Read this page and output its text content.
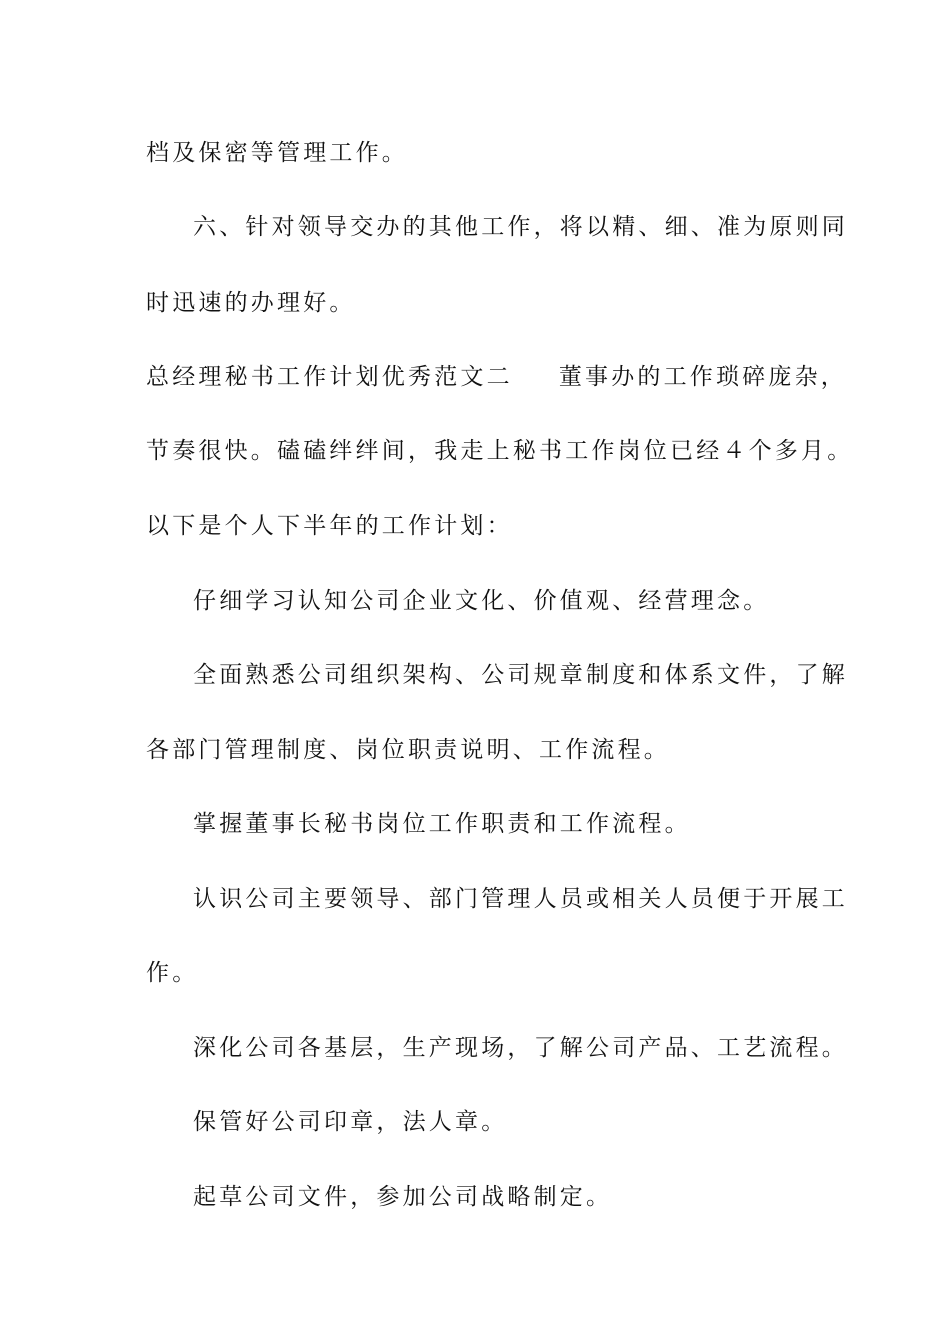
档及保密等管理工作。
六、针对领导交办的其他工作，将以精、细、准为原则同
时迅速的办理好。
总经理秘书工作计划优秀范文二 董事办的工作琐碎庞杂，
节奏很快。磕磕绊绊间，我走上秘书工作岗位已经４个多月。
以下是个人下半年的工作计划：
仔细学习认知公司企业文化、价值观、经营理念。
全面熟悉公司组织架构、公司规章制度和体系文件，了解
各部门管理制度、岗位职责说明、工作流程。
掌握董事长秘书岗位工作职责和工作流程。
认识公司主要领导、部门管理人员或相关人员便于开展工
作。
深化公司各基层，生产现场，了解公司产品、工艺流程。
保管好公司印章，法人章。
起草公司文件，参加公司战略制定。
